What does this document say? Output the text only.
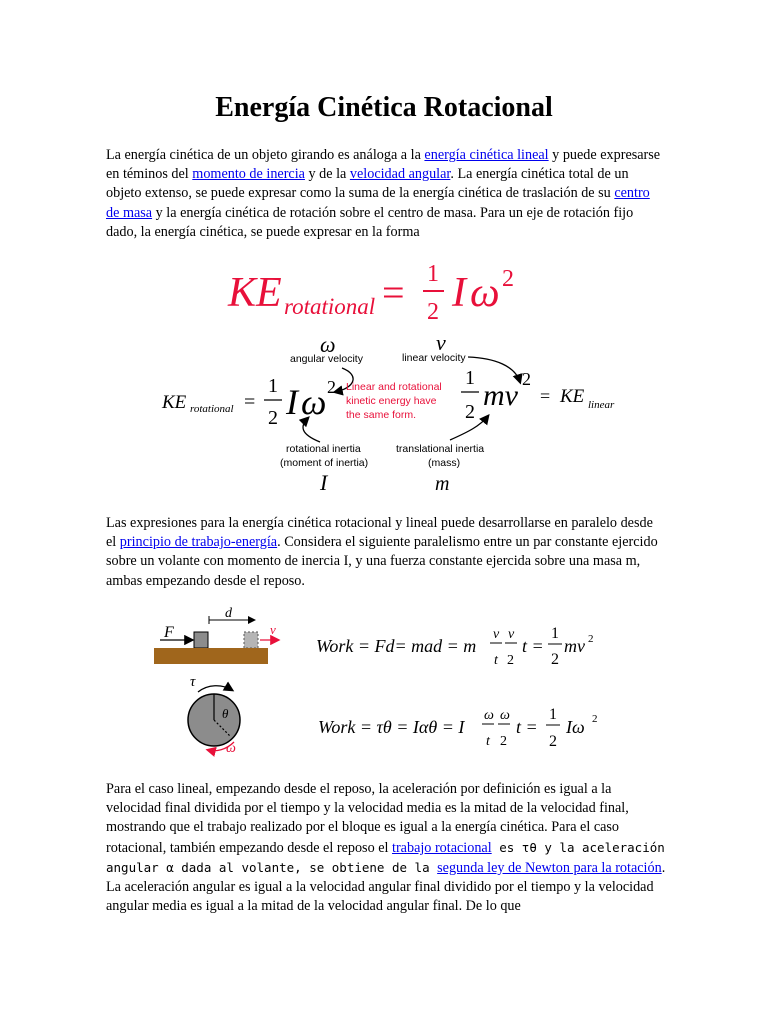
Energía Cinética Rotacional

La energía cinética de un objeto girando es análoga a la energía cinética lineal y puede expresarse en téminos del momento de inercia y de la velocidad angular. La energía cinética total de un objeto extenso, se puede expresar como la suma de la energía cinética de traslación de su centro de masa y la energía cinética de rotación sobre el centro de masa. Para un eje de rotación fijo dado, la energía cinética, se puede expresar en la forma

KE rotational = 1
2 I ω 2
ω
angular velocity
v
linear velocity
KE rotational =
1
2 I ω 2 Linear and rotational
kinetic energy have
the same form.
1
2 mv 2
= KE linear
rotational inertia
(moment of inertia)
I
translational inertia
(mass)
m

Las expresiones para la energía cinética rotacional y lineal puede desarrollarse en paralelo desde el principio de trabajo-energía. Considera el siguiente paralelismo entre un par constante ejercido sobre un volante con momento de inercia I, y una fuerza constante ejercida sobre una masa m, ambas empezando desde el reposo.

F
d
v
τ
θ
ω
Work = Fd= mad = m
v
t
v
2
t =
1
2
mv 2
Work = τθ = Iαθ = I
ω
t
ω
2
t =
1
2
Iω 2

Para el caso lineal, empezando desde el reposo, la aceleración por definición es igual a la velocidad final dividida por el tiempo y la velocidad media es la mitad de la velocidad final, mostrando que el trabajo realizado por el bloque es igual a la energía cinética. Para el caso rotacional, también empezando desde el reposo el trabajo rotacional es τθ y la aceleración angular α dada al volante, se obtiene de la segunda ley de Newton para la rotación. La aceleración angular es igual a la velocidad angular final dividido por el tiempo y la velocidad angular media es igual a la mitad de la velocidad angular final. De lo que
